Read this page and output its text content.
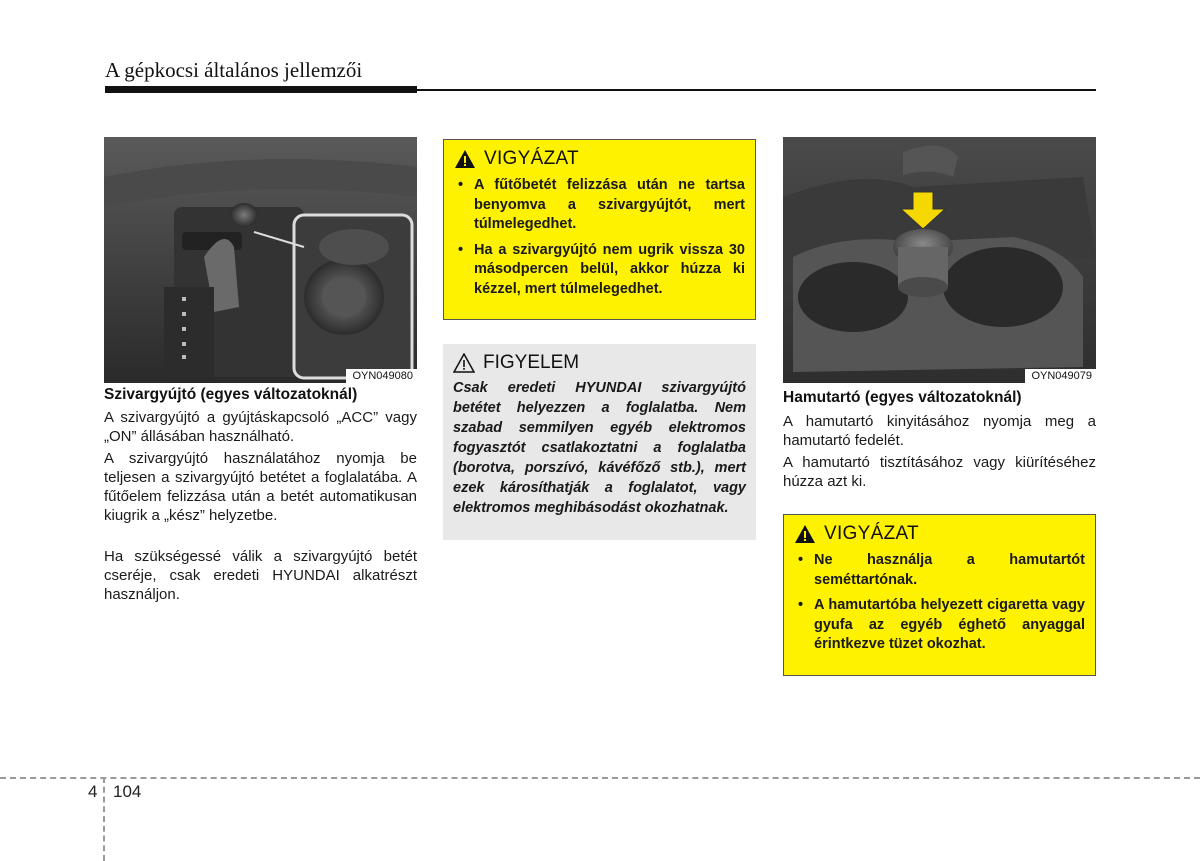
A gépkocsi általános jellemzői
OYN049080
Szivargyújtó (egyes változatoknál)

A szivargyújtó a gyújtáskapcsoló „ACC” vagy „ON” állásában használható.

A szivargyújtó használatához nyomja be teljesen a szivargyújtó betétet a foglalatába. A fűtőelem felizzása után a betét automatikusan kiugrik a „kész” helyzetbe.

Ha szükségessé válik a szivargyújtó betét cseréje, csak eredeti HYUNDAI alkatrészt használjon.

VIGYÁZAT
• A fűtőbetét felizzása után ne tartsa benyomva a szivargyújtót, mert túlmelegedhet.
• Ha a szivargyújtó nem ugrik vissza 30 másodpercen belül, akkor húzza ki kézzel, mert túlmelegedhet.
FIGYELEM

Csak eredeti HYUNDAI szivargyújtó betétet helyezzen a foglalatba. Nem szabad semmilyen egyéb elektromos fogyasztót csatlakoztatni a foglalatba (borotva, porszívó, kávéfőző stb.), mert ezek károsíthatják a foglalatot, vagy elektromos meghibásodást okozhatnak.

OYN049079
Hamutartó (egyes változatoknál)

A hamutartó kinyitásához nyomja meg a hamutartó fedelét.

A hamutartó tisztításához vagy kiürítéséhez húzza azt ki.

VIGYÁZAT
• Ne használja a hamutartót seméttartónak.
• A hamutartóba helyezett cigaretta vagy gyufa az egyéb éghető anyaggal érintkezve tüzet okozhat.
4 104
